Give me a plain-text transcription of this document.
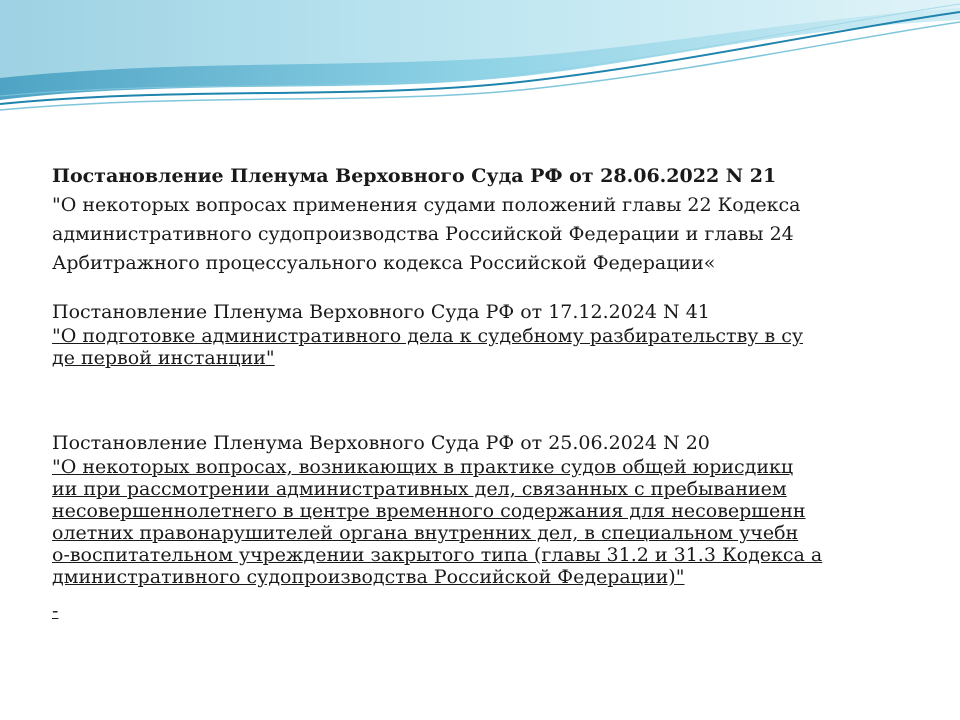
Постановление Пленума Верховного Суда РФ от 28.06.2022 N 21

"О некоторых вопросах применения судами положений главы 22 Кодекса

административного судопроизводства Российской Федерации и главы 24

Арбитражного процессуального кодекса Российской Федерации«

Постановление Пленума Верховного Суда РФ от 17.12.2024 N 41

"О подготовке административного дела к судебному разбирательству в су
де первой инстанции"

Постановление Пленума Верховного Суда РФ от 25.06.2024 N 20

"О некоторых вопросах, возникающих в практике судов общей юрисдикц
ии при рассмотрении административных дел, связанных с пребыванием
несовершеннолетнего в центре временного содержания для несовершенн
олетних правонарушителей органа внутренних дел, в специальном учебн
о-воспитательном учреждении закрытого типа (главы 31.2 и 31.3 Кодекса а
дминистративного судопроизводства Российской Федерации)"
-
